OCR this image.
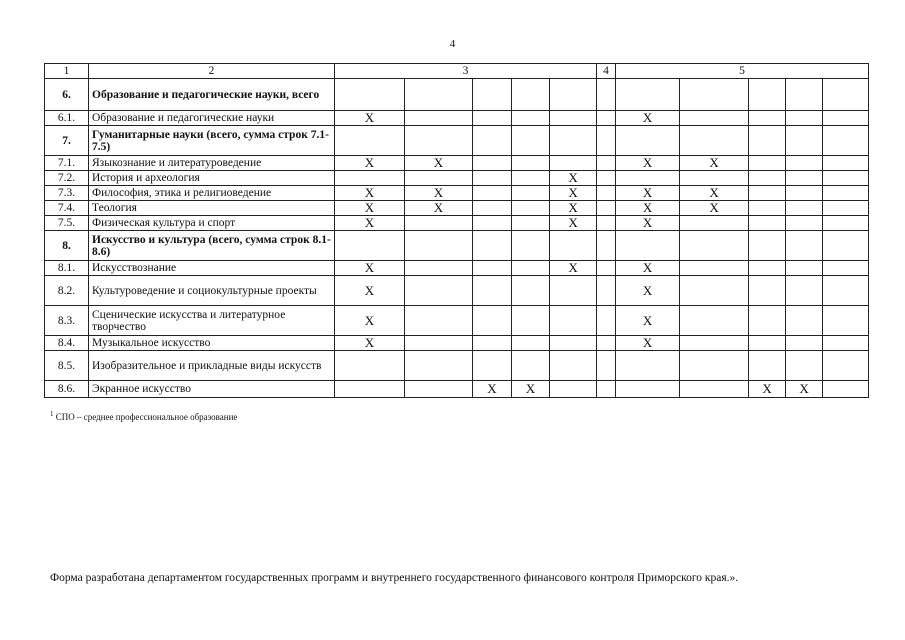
4
1	2	3					4	5					
6.	Образование и педагогические науки, всего												
6.1.	Образование и педагогические науки	X						X					
7.	Гуманитарные науки (всего, сумма строк 7.1-7.5)												
7.1.	Языкознание и литературоведение	X	X					X	X				
7.2.	История и археология					X							
7.3.	Философия, этика и религиоведение	X	X			X		X	X				
7.4.	Теология	X	X			X		X	X				
7.5.	Физическая культура и спорт	X				X		X					
8.	Искусство и культура (всего, сумма строк 8.1-8.6)												
8.1.	Искусствознание	X				X		X					
8.2.	Культуроведение и социокультурные проекты	X						X					
8.3.	Сценические искусства и литературное творчество	X						X					
8.4.	Музыкальное искусство	X						X					
8.5.	Изобразительное и прикладные виды искусств												
8.6.	Экранное искусство			X	X					X	X		
$^1$ СПО – среднее профессиональное образование
Форма разработана департаментом государственных программ и внутреннего государственного финансового контроля Приморского края.».
